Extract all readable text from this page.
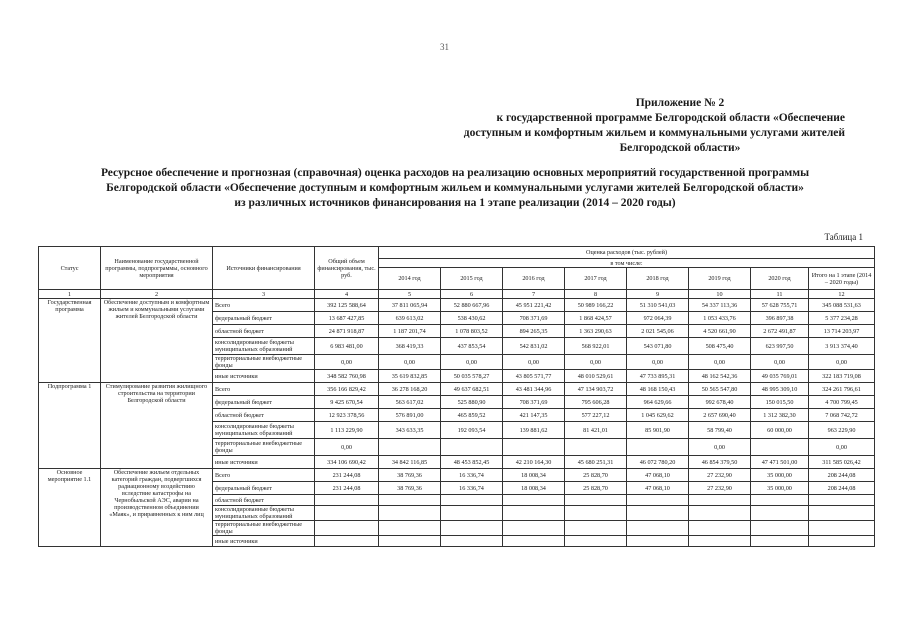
31
Приложение № 2
к государственной программе Белгородской области «Обеспечение
доступным и комфортным жильем и коммунальными услугами жителей
Белгородской области»
Ресурсное обеспечение и прогнозная (справочная) оценка расходов на реализацию основных мероприятий государственной программы
Белгородской области «Обеспечение доступным и комфортным жильем и коммунальными услугами жителей Белгородской области»
из различных источников финансирования на 1 этапе реализации (2014 – 2020 годы)
Таблица 1
Статус	Наименование государственной программы, подпрограммы, основного мероприятия	Источники финансирования	Общий объем финансирования, тыс. руб.	Оценка расходов (тыс. рублей)							
				в том числе:							
				2014 год	2015 год	2016 год	2017 год	2018 год	2019 год	2020 год	Итого на 1 этапе (2014 – 2020 годы)
1	2	3	4	5	6	7	8	9	10	11	12
Государственная программа	Обеспечение доступным и комфортным жильем и коммунальными услугами жителей Белгородской области	Всего	392 125 588,64	37 811 065,94	52 880 667,96	45 951 221,42	50 989 166,22	51 310 541,03	54 337 113,36	57 628 755,71	345 088 531,63
		федеральный бюджет	13 687 427,85	639 613,02	538 430,62	708 371,69	1 868 424,57	972 064,39	1 053 433,76	396 897,38	5 377 234,28
		областной бюджет	24 871 918,87	1 187 201,74	1 078 803,52	894 265,35	1 363 290,63	2 021 545,06	4 520 661,90	2 672 491,87	13 714 203,97
		консолидированные бюджеты муниципальных образований	6 983 481,00	368 419,33	437 853,54	542 831,02	568 922,01	543 071,80	508 475,40	623 997,50	3 913 374,40
		территориальные внебюджетные фонды	0,00	0,00	0,00	0,00	0,00	0,00	0,00	0,00	0,00
		иные источники	348 582 760,98	35 619 832,85	50 035 578,27	43 805 571,77	48 010 529,61	47 733 895,31	48 162 542,36	49 035 769,01	322 183 719,08
Подпрограмма 1	Стимулирование развития жилищного строительства на территории Белгородской области	Всего	356 166 829,42	36 278 168,20	49 637 682,51	43 481 344,96	47 134 903,72	48 168 150,43	50 565 547,80	48 995 309,10	324 261 796,61
		федеральный бюджет	9 425 670,54	563 617,02	525 880,90	708 371,69	795 606,28	964 629,66	992 678,40	150 015,50	4 700 799,45
		областной бюджет	12 923 378,56	576 891,00	465 859,52	421 147,35	577 227,12	1 045 629,62	2 657 690,40	1 312 382,30	7 068 742,72
		консолидированные бюджеты муниципальных образований	1 113 229,90	343 633,35	192 093,54	139 881,62	81 421,01	85 901,90	58 799,40	60 000,00	963 229,90
		территориальные внебюджетные фонды	0,00						0,00		0,00
		иные источники	334 106 690,42	34 842 116,85	48 453 852,45	42 210 164,30	45 680 251,31	46 072 780,20	46 854 379,50	47 471 501,00	311 585 026,42
Основное мероприятие 1.1	Обеспечение жильем отдельных категорий граждан, подвергшихся радиационному воздействию вследствие катастрофы на Чернобыльской АЭС, аварии на производственном объединении «Маяк», и приравненных к ним лиц	Всего	231 244,08	38 769,36	16 336,74	18 008,34	25 828,70	47 068,10	27 232,90	35 000,00	208 244,08
		федеральный бюджет	231 244,08	38 769,36	16 336,74	18 008,34	25 828,70	47 068,10	27 232,90	35 000,00	208 244,08
		областной бюджет									
		консолидированные бюджеты муниципальных образований									
		территориальные внебюджетные фонды									
		иные источники									
